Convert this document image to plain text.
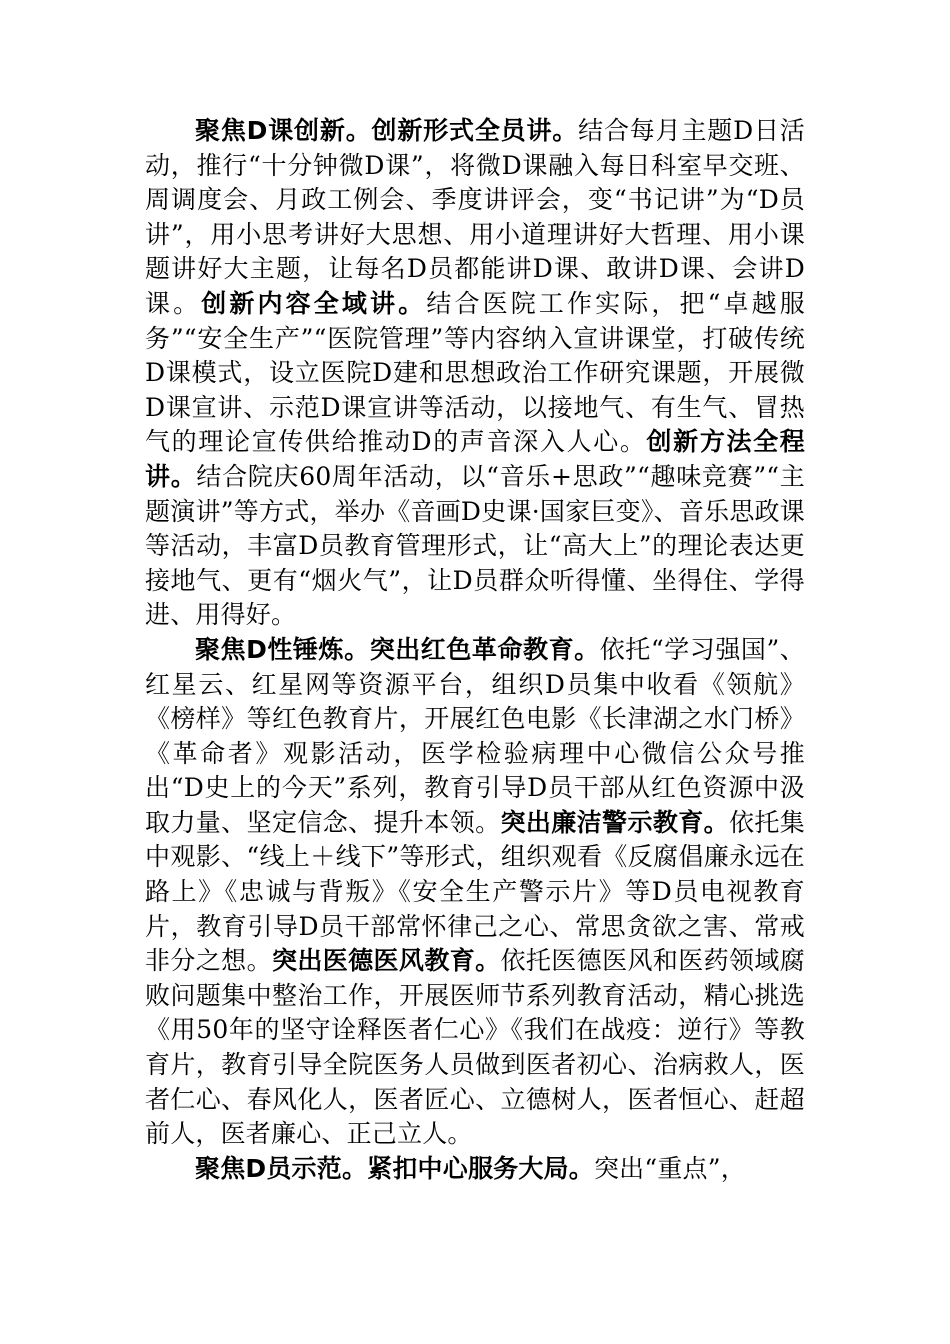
聚焦D课创新。创新形式全员讲。结合每月主题D日活动，推行“十分钟微D课”，将微D课融入每日科室早交班、周调度会、月政工例会、季度讲评会，变“书记讲”为“D员讲”，用小思考讲好大思想、用小道理讲好大哲理、用小课题讲好大主题，让每名D员都能讲D课、敢讲D课、会讲D课。创新内容全域讲。结合医院工作实际，把“卓越服务”“安全生产”“医院管理”等内容纳入宣讲课堂，打破传统D课模式，设立医院D建和思想政治工作研究课题，开展微D课宣讲、示范D课宣讲等活动，以接地气、有生气、冒热气的理论宣传供给推动D的声音深入人心。创新方法全程讲。结合院庆60周年活动，以“音乐+思政”“趣味竞赛”“主题演讲”等方式，举办《音画D史课·国家巨变》、音乐思政课等活动，丰富D员教育管理形式，让“高大上”的理论表达更接地气、更有“烟火气”，让D员群众听得懂、坐得住、学得进、用得好。

聚焦D性锤炼。突出红色革命教育。依托“学习强国”、红星云、红星网等资源平台，组织D员集中收看《领航》《榜样》等红色教育片，开展红色电影《长津湖之水门桥》《革命者》观影活动，医学检验病理中心微信公众号推出“D史上的今天”系列，教育引导D员干部从红色资源中汲取力量、坚定信念、提升本领。突出廉洁警示教育。依托集中观影、“线上＋线下”等形式，组织观看《反腐倡廉永远在路上》《忠诚与背叛》《安全生产警示片》等D员电视教育片，教育引导D员干部常怀律己之心、常思贪欲之害、常戒非分之想。突出医德医风教育。依托医德医风和医药领域腐败问题集中整治工作，开展医师节系列教育活动，精心挑选《用50年的坚守诠释医者仁心》《我们在战疫：逆行》等教育片，教育引导全院医务人员做到医者初心、治病救人，医者仁心、春风化人，医者匠心、立德树人，医者恒心、赶超前人，医者廉心、正己立人。

聚焦D员示范。紧扣中心服务大局。突出“重点”，
